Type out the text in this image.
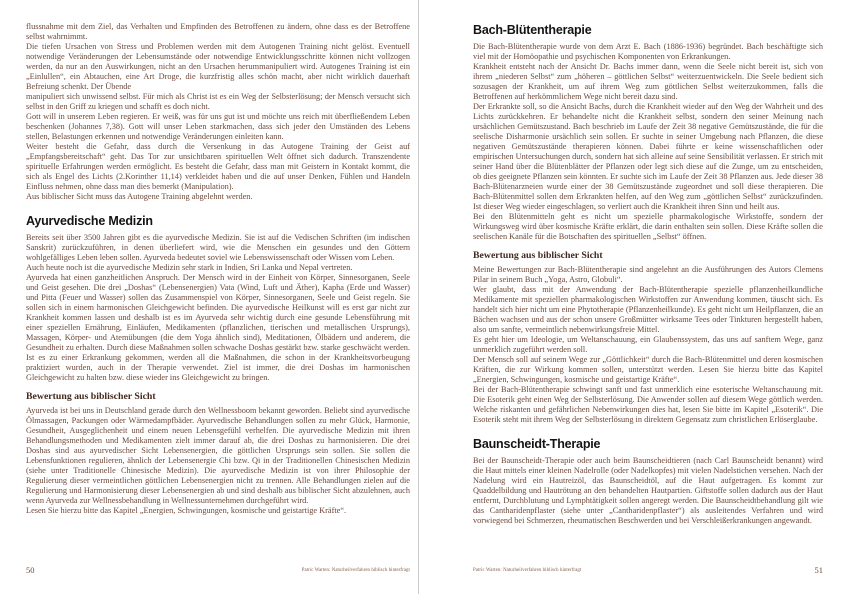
flussnahme mit dem Ziel, das Verhalten und Empfinden des Betroffenen zu ändern, ohne dass es der Betroffene selbst wahrnimmt.

Die tiefen Ursachen von Stress und Problemen werden mit dem Autogenen Training nicht gelöst. Eventuell notwendige Veränderungen der Lebensumstände oder notwendige Entwicklungsschritte können nicht vollzogen werden, da nur an den Auswirkungen, nicht an den Ursachen herummanipuliert wird. Autogenes Training ist ein „Einlullen“, ein Abtauchen, eine Art Droge, die kurzfristig alles schön macht, aber nicht wirklich dauerhaft Befreiung schenkt. Der Übende

manipuliert sich unwissend selbst. Für mich als Christ ist es ein Weg der Selbsterlösung; der Mensch versucht sich selbst in den Griff zu kriegen und schafft es doch nicht.

Gott will in unserem Leben regieren. Er weiß, was für uns gut ist und möchte uns reich mit überfließendem Leben beschenken (Johannes 7,38). Gott will unser Leben starkmachen, dass sich jeder den Umständen des Lebens stellen, Belastungen erkennen und notwendige Veränderungen einleiten kann.

Weiter besteht die Gefahr, dass durch die Versenkung in das Autogene Training der Geist auf „Empfangsbereitschaft“ geht. Das Tor zur unsichtbaren spirituellen Welt öffnet sich dadurch. Transzendente spirituelle Erfahrungen werden ermöglicht. Es besteht die Gefahr, dass man mit Geistern in Kontakt kommt, die sich als Engel des Lichts (2.Korinther 11,14) verkleidet haben und die auf unser Denken, Fühlen und Handeln Einfluss nehmen, ohne dass man dies bemerkt (Manipulation).

Aus biblischer Sicht muss das Autogene Training abgelehnt werden.

Ayurvedische Medizin

Bereits seit über 3500 Jahren gibt es die ayurvedische Medizin. Sie ist auf die Vedischen Schriften (im indischen Sanskrit) zurückzuführen, in denen überliefert wird, wie die Menschen ein gesundes und den Göttern wohlgefälliges Leben leben sollen. Ayurveda bedeutet soviel wie Lebenswissenschaft oder Wissen vom Leben.

Auch heute noch ist die ayurvedische Medizin sehr stark in Indien, Sri Lanka und Nepal vertreten.

Ayurveda hat einen ganzheitlichen Anspruch. Der Mensch wird in der Einheit von Körper, Sinnesorganen, Seele und Geist gesehen. Die drei „Doshas“ (Lebensenergien) Vata (Wind, Luft und Äther), Kapha (Erde und Wasser) und Pitta (Feuer und Wasser) sollen das Zusammenspiel von Körper, Sinnesorganen, Seele und Geist regeln. Sie sollen sich in einem harmonischen Gleichgewicht befinden. Die ayurvedische Heilkunst will es erst gar nicht zur Krankheit kommen lassen und deshalb ist es im Ayurveda sehr wichtig durch eine gesunde Lebensführung mit einer speziellen Ernährung, Einläufen, Medikamenten (pflanzlichen, tierischen und metallischen Ursprungs), Massagen, Körper- und Atemübungen (die dem Yoga ähnlich sind), Meditationen, Ölbädern und anderem, die Gesundheit zu erhalten. Durch diese Maßnahmen sollen schwache Doshas gestärkt bzw. starke geschwächt werden. Ist es zu einer Erkrankung gekommen, werden all die Maßnahmen, die schon in der Krankheitsvorbeugung praktiziert wurden, auch in der Therapie verwendet. Ziel ist immer, die drei Doshas im harmonischen Gleichgewicht zu halten bzw. diese wieder ins Gleichgewicht zu bringen.

Bewertung aus biblischer Sicht

Ayurveda ist bei uns in Deutschland gerade durch den Wellnessboom bekannt geworden. Beliebt sind ayurvedische Ölmassagen, Packungen oder Wärmedampfbäder. Ayurvedische Behandlungen sollen zu mehr Glück, Harmonie, Gesundheit, Ausgeglichenheit und einem neuen Lebensgefühl verhelfen. Die ayurvedische Medizin mit ihren Behandlungsmethoden und Medikamenten zielt immer darauf ab, die drei Doshas zu harmonisieren. Die drei Doshas sind aus ayurvedischer Sicht Lebensenergien, die göttlichen Ursprungs sein sollen. Sie sollen die Lebensfunktionen regulieren, ähnlich der Lebensenergie Chi bzw. Qi in der Traditionellen Chinesischen Medizin (siehe unter Traditionelle Chinesische Medizin). Die ayurvedische Medizin ist von ihrer Philosophie der Regulierung dieser vermeintlichen göttlichen Lebensenergien nicht zu trennen. Alle Behandlungen zielen auf die Regulierung und Harmonisierung dieser Lebensenergien ab und sind deshalb aus biblischer Sicht abzulehnen, auch wenn Ayurveda zur Wellnessbehandlung in Wellnessunternehmen durchgeführt wird.

Lesen Sie hierzu bitte das Kapitel „Energien, Schwingungen, kosmische und geistartige Kräfte“.

50	Patric Warten: Naturheilverfahren biblisch hinterfragt
Bach-Blütentherapie

Die Bach-Blütentherapie wurde von dem Arzt E. Bach (1886-1936) begründet. Bach beschäftigte sich viel mit der Homöopathie und psychischen Komponenten von Erkrankungen.

Krankheit entsteht nach der Ansicht Dr. Bachs immer dann, wenn die Seele nicht bereit ist, sich von ihrem „niederen Selbst“ zum „höheren – göttlichen Selbst“ weiterzuentwickeln. Die Seele bedient sich sozusagen der Krankheit, um auf ihrem Weg zum göttlichen Selbst weiterzukommen, falls die Betroffenen auf herkömmlichem Wege nicht bereit dazu sind.

Der Erkrankte soll, so die Ansicht Bachs, durch die Krankheit wieder auf den Weg der Wahrheit und des Lichts zurückkehren. Er behandelte nicht die Krankheit selbst, sondern den seiner Meinung nach ursächlichen Gemütszustand. Bach beschrieb im Laufe der Zeit 38 negative Gemütszustände, die für die seelische Disharmonie ursächlich sein sollen. Er suchte in seiner Umgebung nach Pflanzen, die diese negativen Gemütszustände therapieren können. Dabei führte er keine wissenschaftlichen oder empirischen Untersuchungen durch, sondern hat sich alleine auf seine Sensibilität verlassen. Er strich mit seiner Hand über die Blütenblätter der Pflanzen oder legt sich diese auf die Zunge, um zu entscheiden, ob dies geeignete Pflanzen sein könnten. Er suchte sich im Laufe der Zeit 38 Pflanzen aus. Jede dieser 38 Bach-Blütenarzneien wurde einer der 38 Gemütszustände zugeordnet und soll diese therapieren. Die Bach-Blütenmittel sollen dem Erkrankten helfen, auf den Weg zum „göttlichen Selbst“ zurückzufinden. Ist dieser Weg wieder eingeschlagen, so verliert auch die Krankheit ihren Sinn und heilt aus.

Bei den Blütenmitteln geht es nicht um spezielle pharmakologische Wirkstoffe, sondern der Wirkungsweg wird über kosmische Kräfte erklärt, die darin enthalten sein sollen. Diese Kräfte sollen die seelischen Kanäle für die Botschaften des spirituellen „Selbst“ öffnen.

Bewertung aus biblischer Sicht

Meine Bewertungen zur Bach-Blütentherapie sind angelehnt an die Ausführungen des Autors Clemens Pilar in seinem Buch „Yoga, Astro, Globuli“.

Wer glaubt, dass mit der Anwendung der Bach-Blütentherapie spezielle pflanzenheilkundliche Medikamente mit speziellen pharmakologischen Wirkstoffen zur Anwendung kommen, täuscht sich. Es handelt sich hier nicht um eine Phytotherapie (Pflanzenheilkunde). Es geht nicht um Heilpflanzen, die an Bächen wachsen und aus der schon unsere Großmütter wirksame Tees oder Tinkturen hergestellt haben, also um sanfte, vermeintlich nebenwirkungsfreie Mittel.

Es geht hier um Ideologie, um Weltanschauung, ein Glaubenssystem, das uns auf sanftem Wege, ganz unmerklich zugeführt werden soll.

Der Mensch soll auf seinem Wege zur „Göttlichkeit“ durch die Bach-Blütenmittel und deren kosmischen Kräften, die zur Wirkung kommen sollen, unterstützt werden. Lesen Sie hierzu bitte das Kapitel „Energien, Schwingungen, kosmische und geistartige Kräfte“.

Bei der Bach-Blütentherapie schwingt sanft und fast unmerklich eine esoterische Weltanschauung mit. Die Esoterik geht einen Weg der Selbsterlösung. Die Anwender sollen auf diesem Wege göttlich werden. Welche riskanten und gefährlichen Nebenwirkungen dies hat, lesen Sie bitte im Kapitel „Esoterik“. Die Esoterik steht mit ihrem Weg der Selbsterlösung in direktem Gegensatz zum christlichen Erlöserglaube.

Baunscheidt-Therapie

Bei der Baunscheidt-Therapie oder auch beim Baunscheidtieren (nach Carl Baunscheidt benannt) wird die Haut mittels einer kleinen Nadelrolle (oder Nadelkopfes) mit vielen Nadelstichen versehen. Nach der Nadelung wird ein Hautreizöl, das Baunscheidtöl, auf die Haut aufgetragen. Es kommt zur Quaddelbildung und Hautrötung an den behandelten Hautpartien. Giftstoffe sollen dadurch aus der Haut entfernt, Durchblutung und Lymphtätigkeit sollen angeregt werden. Die Baunscheidtbehandlung gilt wie das Cantharidenpflaster (siehe unter „Cantharidenpflaster“) als ausleitendes Verfahren und wird vorwiegend bei Schmerzen, rheumatischen Beschwerden und bei Verschleißerkrankungen angewandt.

Patric Warten: Naturheilverfahren biblisch hinterfragt	51
